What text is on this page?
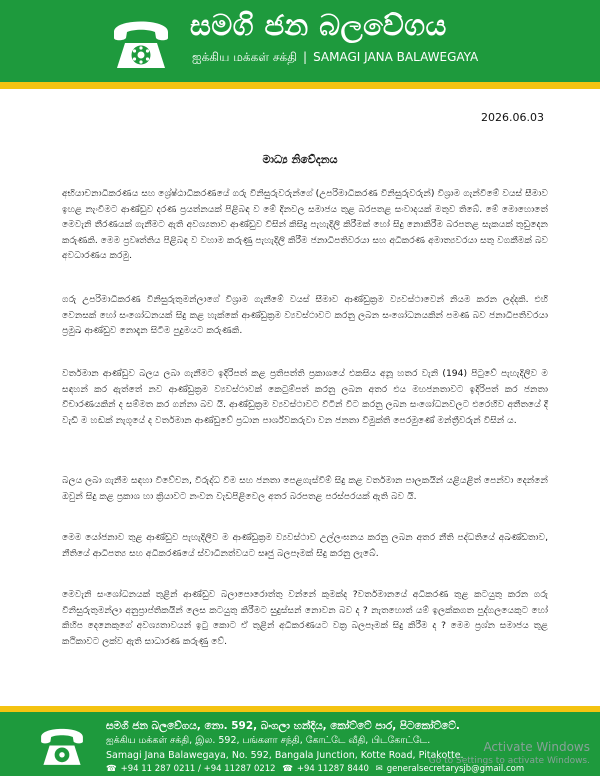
සමගි ජන බලවේගය
ஐக்கிய மக்கள் சக்தி | SAMAGI JANA BALAWEGAYA
2026.06.03
මාධ්‍ය නිවේදනය

අභියාචනාධිකරණය සහ ශ්‍රේෂ්ඨාධිකරණයේ ගරු විනිසුරුවරුන්ගේ (උපරිමාධිකරණ විනිසුරුවරුන්) විශ්‍රාම ගැන්වීමේ වයස් සීමාව ඉහළ නැංවීමට ආණ්ඩුව දරණ ප්‍රයත්නයක් පිළිබඳ ව මේ දිනවල සමාජය තුළ බරපතළ සංවාදයක් මතුව තිබේ. මේ මොහොතේ මෙවැනි තීරණයක් ගැනීමට ඇති අවශ්‍යතාව ආණ්ඩුව විසින් කිසිදු පැහැදිලි කිරීමක් හෝ සිදු නොකිරීම බරපතළ සැකයක් තුඩුදෙන කරුණකි. මෙම ප්‍රවෘත්තිය පිළිබඳ ව වහාම කරුණු පැහැදිලි කිරීම ජනාධිපතිවරයා සහ අධිකරණ අමාත්‍යවරයා සතු වගකීමක් බව අවධාරණය කරමු.

ගරු උපරිමාධිකරණ විනිසුරුතුමන්ලාගේ විශ්‍රාම ගැනීමේ වයස් සීමාව ආණ්ඩුක්‍රම ව්‍යවස්ථාවෙන් නියම කරන ලද්දකි. එහි වෙනසක් හෝ සංශෝධනයක් සිදු කළ හැක්කේ ආණ්ඩුක්‍රම ව්‍යවස්ථාවට කරනු ලබන සංශෝධනයකින් පමණ බව ජනාධිපතිවරයා ප්‍රමුඛ ආණ්ඩුව නොදැන සිටීම පුදුමයට කරුණකි.

වර්තමාන ආණ්ඩුව බලය ලබා ගැනීමට ඉදිරිපත් කළ ප්‍රතිපත්ති ප්‍රකාශයේ එකසිය අනූ හතර වැනි (194) පිටුවේ පැහැදිලිව ම සඳහන් කර ඇත්තේ නව ආණ්ඩුක්‍රම ව්‍යවස්ථාවක් කෙටුම්පත් කරනු ලබන අතර එය මහජනතාවට ඉදිරිපත් කර ජනතා විචාරණයකින් ද සම්මත කර ගන්නා බව යි. ආණ්ඩුක්‍රම ව්‍යවස්ථාවට විටින් විට කරනු ලබන සංශෝධනවලට එරෙහිව අතීතයේ දී වැඩි ම හඬක් නැගූයේ ද වර්තමාන ආණ්ඩුවේ ප්‍රධාන පාර්ශ්වකරුවා වන ජනතා විමුක්ති පෙරමුණේ මන්ත්‍රීවරුන් විසින් ය.

බලය ලබා ගැනීම සඳහා විවේචන, විරුද්ධ වීම සහ ජනතා පෙළගැස්වීම් සිදු කළ වර්තමාන පාලකයින් යළියළිත් පෙන්වා දෙන්නේ ඔවුන් සිදු කළ ප්‍රකාශ හා ක්‍රියාවට නංවන වැඩපිළිවෙල අතර බරපතළ පරස්පරයක් ඇති බව යි.

මෙම යෝජනාව තුළ ආණ්ඩුව පැහැදිලිව ම ආණ්ඩුක්‍රම ව්‍යවස්ථාව උල්ලංඝනය කරනු ලබන අතර නීති පද්ධතියේ අඛණ්ඩතාව, නීතියේ ආධිපත්‍ය සහ අධිකරණයේ ස්වාධීනත්වයට සෘජු බලපෑමක් සිදු කරනු ලැබේ.

මෙවැනි සංශෝධනයක් තුළින් ආණ්ඩුව බලාපොරොත්තු වන්නේ කුමක්ද ?වර්තමානයේ අධිකරණ තුළ කටයුතු කරන ගරු විනිසුරුතුමන්ලා අනුප්‍රාප්තිකයින් ලෙස කටයුතු කිරීමට සුදුස්සන් නොවන බව ද ? නැතහොත් යම් ඉලක්කගත පුද්ගලයෙකුට හෝ කිහිප දෙනෙකුගේ අවශ්‍යතාවයන් ඉටු කොට ඒ තුළින් අධිකරණයට වක්‍ර බලපෑමක් සිදු කිරීම ද ? මෙම ප්‍රශ්න සමාජය තුළ කථිකාවට ලක්ව ඇති සාධාරණ කරුණු වේ.

සමගි ජන බලවේගය, නො. 592, බංගලා හන්දිය, කෝට්ටේ පාර, පිටකෝට්ටේ.
ஐக்கிய மக்கள் சக்தி, இல. 592, பங்களா சந்தி, கோட்டே வீதி, பிடகோட்டே.
Samagi Jana Balawegaya, No. 592, Bangala Junction, Kotte Road, Pitakotte.
☎ +94 11 287 0211 / +94 11287 0212 ☎ +94 11287 8440 ✉ generalsecretarysjb@gmail.com
Activate Windows
Go to Settings to activate Windows.
